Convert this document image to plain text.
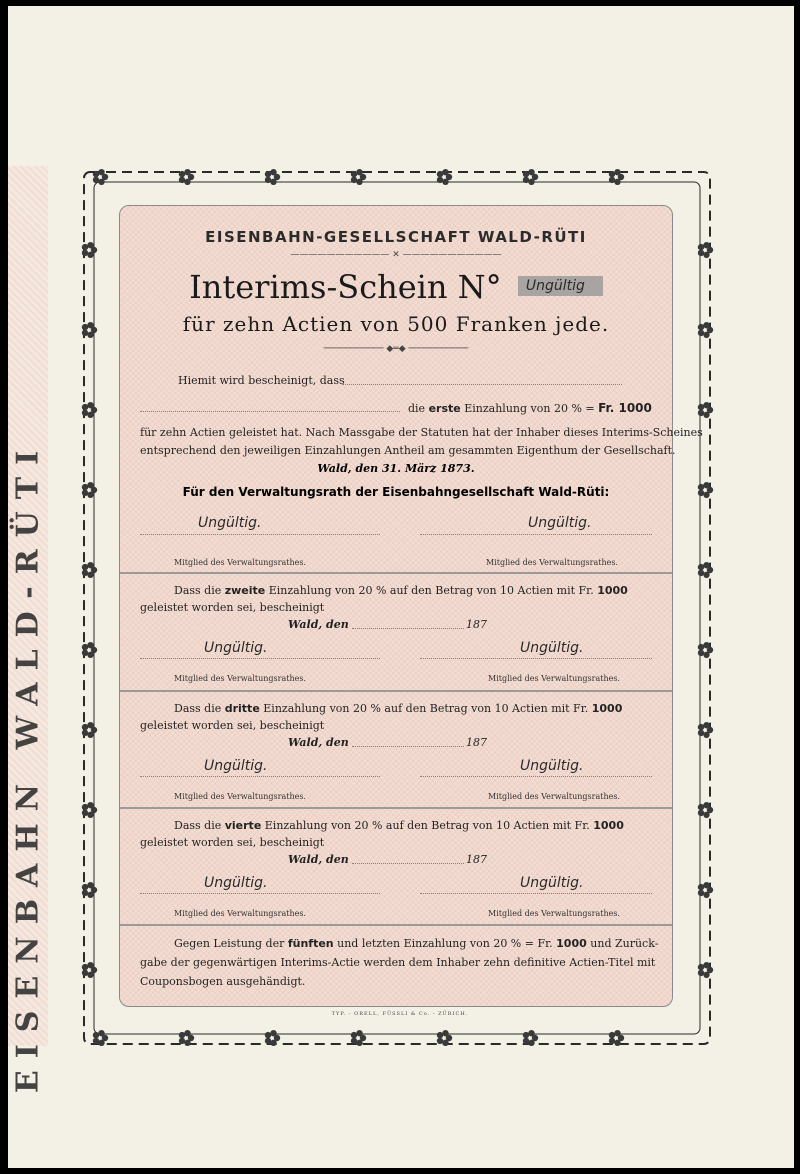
EISENBAHN WALD-RÜTI
EISENBAHN-GESELLSCHAFT WALD-RÜTI
——————————— ✕ ———————————
Interims-Schein N° Ungültig
für zehn Actien von 500 Franken jede.
─────────── ◆═◆ ───────────
Hiemit wird bescheinigt, dass
die erste Einzahlung von 20 % = Fr. 1000
für zehn Actien geleistet hat. Nach Massgabe der Statuten hat der Inhaber dieses Interims-Scheines
entsprechend den jeweiligen Einzahlungen Antheil am gesammten Eigenthum der Gesellschaft.
Wald, den 31. März 1873.
Für den Verwaltungsrath der Eisenbahngesellschaft Wald-Rüti:
Ungültig.	Ungültig.
Mitglied des Verwaltungsrathes.	Mitglied des Verwaltungsrathes.
Dass die zweite Einzahlung von 20 % auf den Betrag von 10 Actien mit Fr. 1000
geleistet worden sei, bescheinigt
Wald, den	187
Ungültig.	Ungültig.
Mitglied des Verwaltungsrathes.	Mitglied des Verwaltungsrathes.
Dass die dritte Einzahlung von 20 % auf den Betrag von 10 Actien mit Fr. 1000
geleistet worden sei, bescheinigt
Wald, den	187
Ungültig.	Ungültig.
Mitglied des Verwaltungsrathes.	Mitglied des Verwaltungsrathes.
Dass die vierte Einzahlung von 20 % auf den Betrag von 10 Actien mit Fr. 1000
geleistet worden sei, bescheinigt
Wald, den	187
Ungültig.	Ungültig.
Mitglied des Verwaltungsrathes.	Mitglied des Verwaltungsrathes.
Gegen Leistung der fünften und letzten Einzahlung von 20 % = Fr. 1000 und Zurück-
gabe der gegenwärtigen Interims-Actie werden dem Inhaber zehn definitive Actien-Titel mit
Couponsbogen ausgehändigt.
TYP. - ORELL, FÜSSLI & Co. - ZÜRICH.
